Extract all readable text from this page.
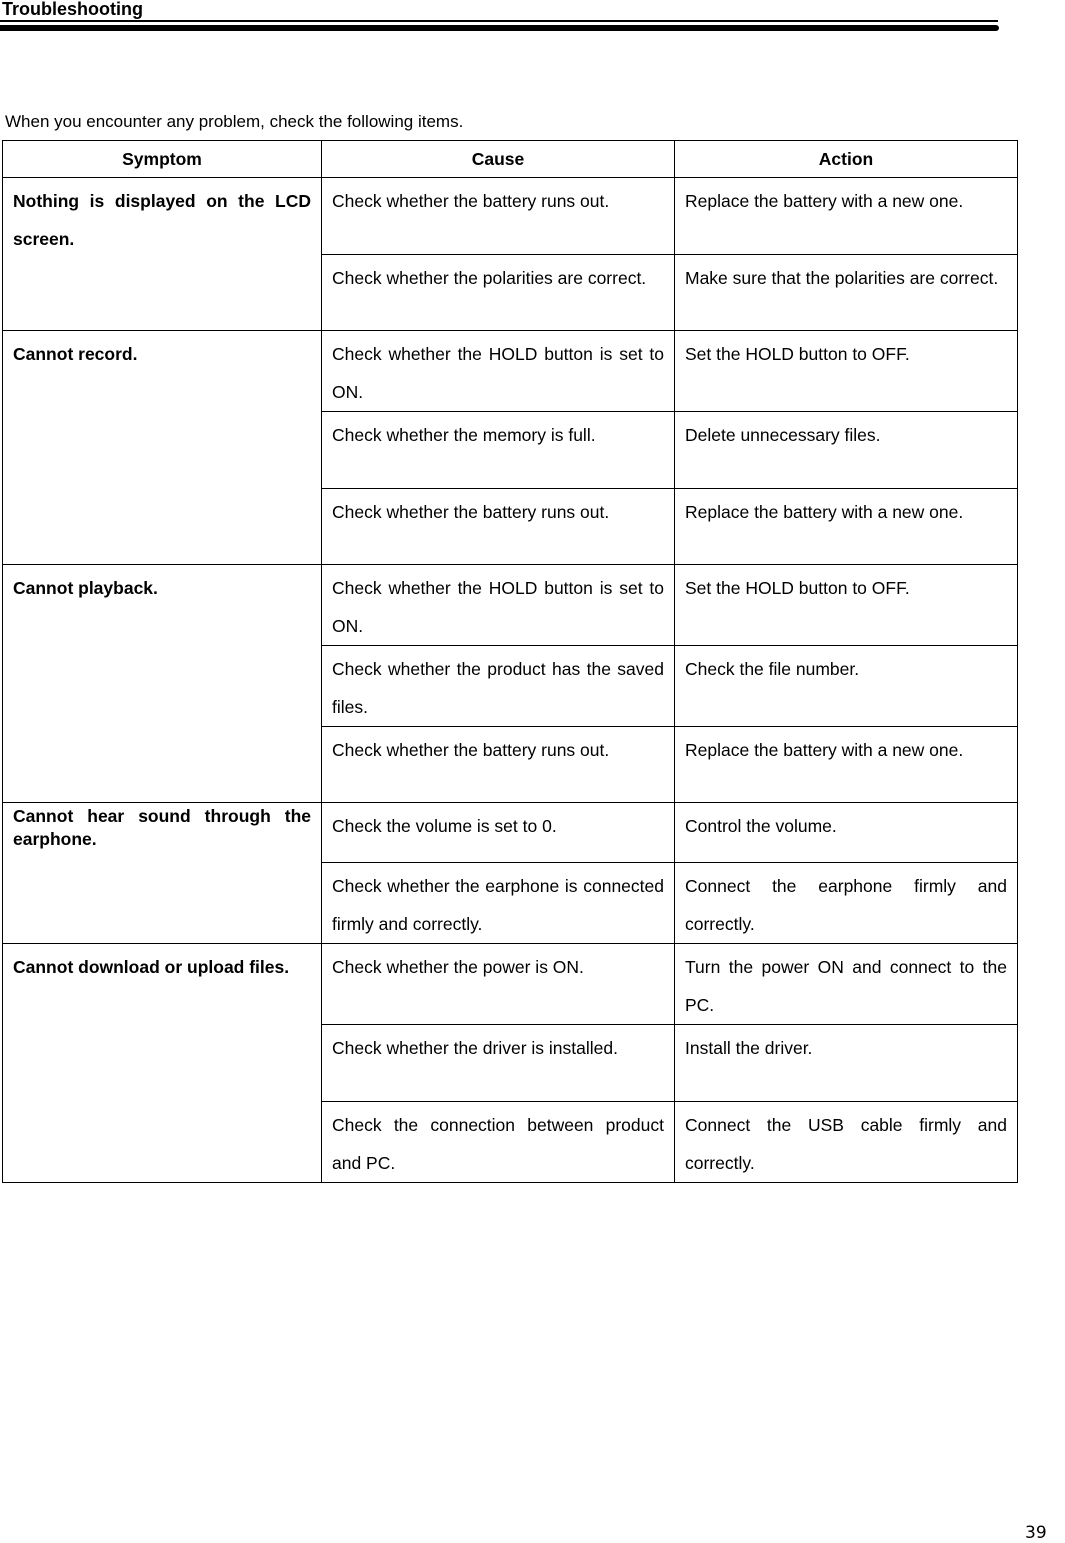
Troubleshooting
When you encounter any problem, check the following items.
Symptom	Cause	Action
Nothing is displayed on the LCD screen.	Check whether the battery runs out.	Replace the battery with a new one.
	Check whether the polarities are correct.	Make sure that the polarities are correct.
Cannot record.	Check whether the HOLD button is set to ON.	Set the HOLD button to OFF.
	Check whether the memory is full.	Delete unnecessary files.
	Check whether the battery runs out.	Replace the battery with a new one.
Cannot playback.	Check whether the HOLD button is set to ON.	Set the HOLD button to OFF.
	Check whether the product has the saved files.	Check the file number.
	Check whether the battery runs out.	Replace the battery with a new one.
Cannot hear sound through the earphone.	Check the volume is set to 0.	Control the volume.
	Check whether the earphone is connected firmly and correctly.	Connect the earphone firmly and correctly.
Cannot download or upload files.	Check whether the power is ON.	Turn the power ON and connect to the PC.
	Check whether the driver is installed.	Install the driver.
	Check the connection between product and PC.	Connect the USB cable firmly and correctly.
39
